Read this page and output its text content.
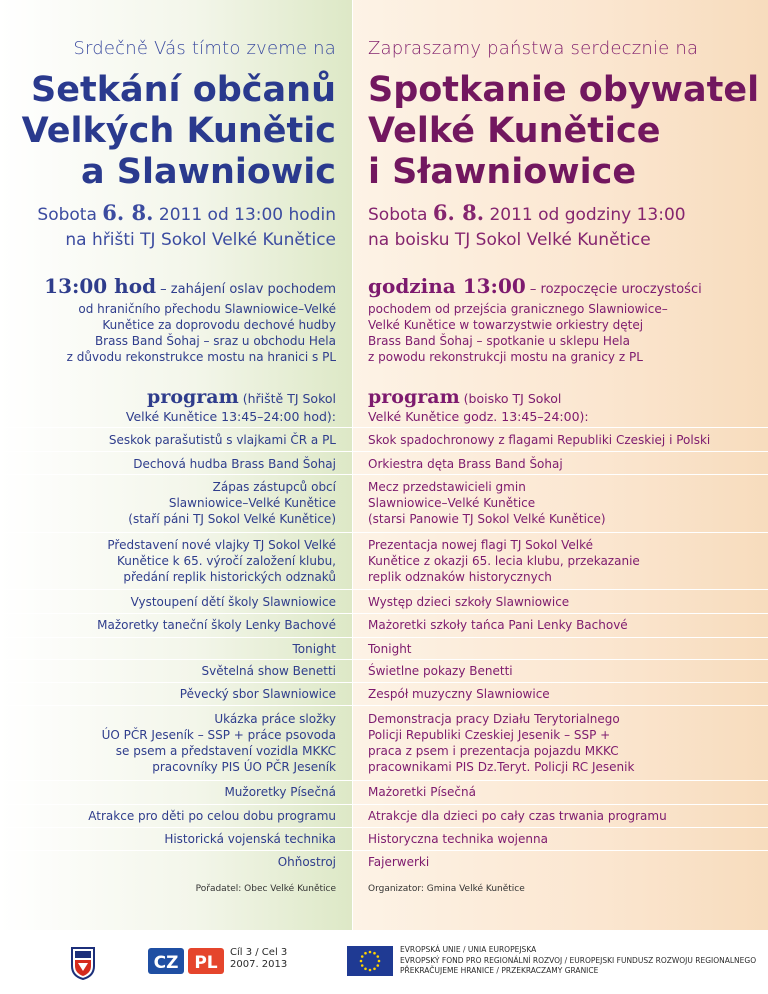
Srdečně Vás tímto zveme na
Setkání občanů
Velkých Kunětic
a Slawniowic
Sobota 6. 8. 2011 od 13:00 hodin
na hřišti TJ Sokol Velké Kunětice
13:00 hod – zahájení oslav pochodem
od hraničního přechodu Slawniowice–Velké
Kunětice za doprovodu dechové hudby
Brass Band Šohaj – sraz u obchodu Hela
z důvodu rekonstrukce mostu na hranici s PL
program (hřiště TJ Sokol
Velké Kunětice 13:45–24:00 hod):
Seskok parašutistů s vlajkami ČR a PL
Dechová hudba Brass Band Šohaj
Zápas zástupců obcí
Slawniowice–Velké Kunětice
(staří páni TJ Sokol Velké Kunětice)
Představení nové vlajky TJ Sokol Velké
Kunětice k 65. výročí založení klubu,
předání replik historických odznaků
Vystoupení dětí školy Slawniowice
Mažoretky taneční školy Lenky Bachové
Tonight
Světelná show Benetti
Pěvecký sbor Slawniowice
Ukázka práce složky
ÚO PČR Jeseník – SSP + práce psovoda
se psem a představení vozidla MKKC
pracovníky PIS ÚO PČR Jeseník
Mužoretky Písečná
Atrakce pro děti po celou dobu programu
Historická vojenská technika
Ohňostroj
Pořadatel: Obec Velké Kunětice
Zapraszamy państwa serdecznie na
Spotkanie obywatel
Velké Kunětice
i Sławniowice
Sobota 6. 8. 2011 od godziny 13:00
na boisku TJ Sokol Velké Kunětice
godzina 13:00 – rozpoczęcie uroczystości
pochodem od przejścia granicznego Slawniowice–
Velké Kunětice w towarzystwie orkiestry dętej
Brass Band Šohaj – spotkanie u sklepu Hela
z powodu rekonstrukcji mostu na granicy z PL
program (boisko TJ Sokol
Velké Kunětice godz. 13:45–24:00):
Skok spadochronowy z flagami Republiki Czeskiej i Polski
Orkiestra dęta Brass Band Šohaj
Mecz przedstawicieli gmin
Slawniowice–Velké Kunětice
(starsi Panowie TJ Sokol Velké Kunětice)
Prezentacja nowej flagi TJ Sokol Velké
Kunětice z okazji 65. lecia klubu, przekazanie
replik odznaków historycznych
Występ dzieci szkoły Slawniowice
Mażoretki szkoły tańca Pani Lenky Bachové
Tonight
Świetlne pokazy Benetti
Zespół muzyczny Slawniowice
Demonstracja pracy Działu Terytorialnego
Policji Republiki Czeskiej Jesenik – SSP +
praca z psem i prezentacja pojazdu MKKC
pracownikami PIS Dz.Teryt. Policji RC Jesenik
Mażoretki Písečná
Atrakcje dla dzieci po cały czas trwania programu
Historyczna technika wojenna
Fajerwerki
Organizator: Gmina Velké Kunětice
CZ PL
Cíl 3 / Cel 3
2007. 2013
EVROPSKÁ UNIE / UNIA EUROPEJSKA
EVROPSKÝ FOND PRO REGIONÁLNÍ ROZVOJ / EUROPEJSKI FUNDUSZ ROZWOJU REGIONALNEGO
PŘEKRAČUJEME HRANICE / PRZEKRACZAMY GRANICE
